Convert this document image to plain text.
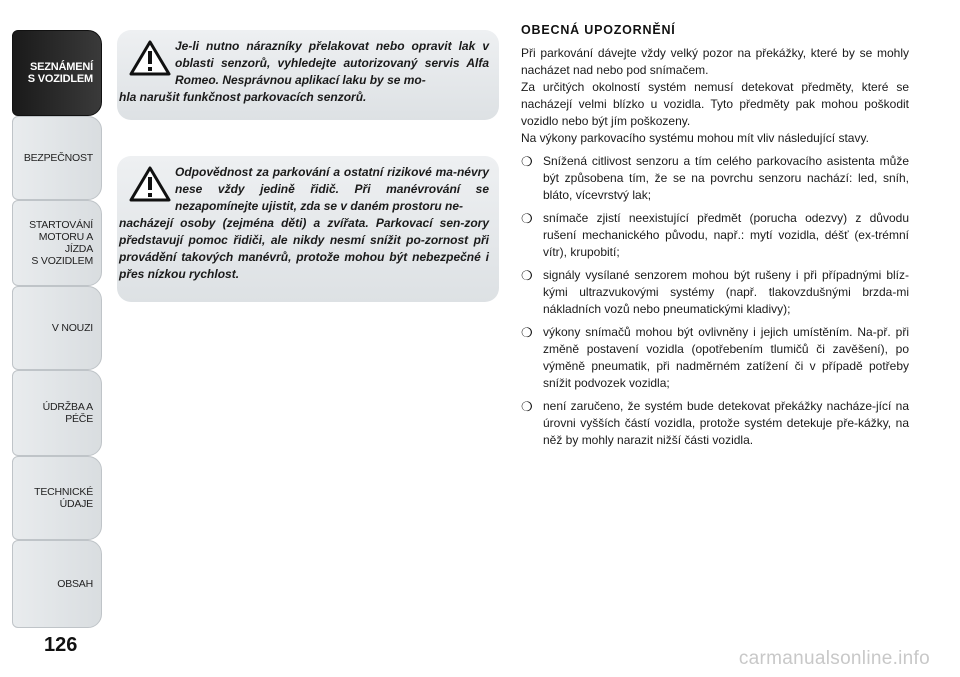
SEZNÁMENÍ
S VOZIDLEM
BEZPEČNOST
STARTOVÁNÍ
MOTORU A JÍZDA
S VOZIDLEM
V NOUZI
ÚDRŽBA A PÉČE
TECHNICKÉ
ÚDAJE
OBSAH
126
Je-li nutno nárazníky přelakovat nebo opravit lak v oblasti senzorů, vyhledejte autorizovaný servis Alfa Romeo. Nesprávnou aplikací laku by se mo-
hla narušit funkčnost parkovacích senzorů.
Odpovědnost za parkování a ostatní rizikové ma-névry nese vždy jedině řidič. Při manévrování se nezapomínejte ujistit, zda se v daném prostoru ne-
nacházejí osoby (zejména děti) a zvířata. Parkovací sen-zory představují pomoc řidiči, ale nikdy nesmí snížit po-zornost při provádění takových manévrů, protože mohou být nebezpečné i přes nízkou rychlost.
OBECNÁ UPOZORNĚNÍ

Při parkování dávejte vždy velký pozor na překážky, které by se mohly nacházet nad nebo pod snímačem.

Za určitých okolností systém nemusí detekovat předměty, které se nacházejí velmi blízko u vozidla. Tyto předměty pak mohou poškodit vozidlo nebo být jím poškozeny.

Na výkony parkovacího systému mohou mít vliv následující stavy.

❍ Snížená citlivost senzoru a tím celého parkovacího asistenta může být způsobena tím, že se na povrchu senzoru nachází: led, sníh, bláto, vícevrstvý lak;
❍ snímače zjistí neexistující předmět (porucha odezvy) z důvodu rušení mechanického původu, např.: mytí vozidla, déšť (ex-trémní vítr), krupobití;
❍ signály vysílané senzorem mohou být rušeny i při případnými blíz-kými ultrazvukovými systémy (např. tlakovzdušnými brzda-mi nákladních vozů nebo pneumatickými kladivy);
❍ výkony snímačů mohou být ovlivněny i jejich umístěním. Na-př. při změně postavení vozidla (opotřebením tlumičů či zavěšení), po výměně pneumatik, při nadměrném zatížení či v případě potřeby snížit podvozek vozidla;
❍ není zaručeno, že systém bude detekovat překážky nacháze-jící na úrovni vyšších částí vozidla, protože systém detekuje pře-kážky, na něž by mohly narazit nižší části vozidla.
carmanualsonline.info
